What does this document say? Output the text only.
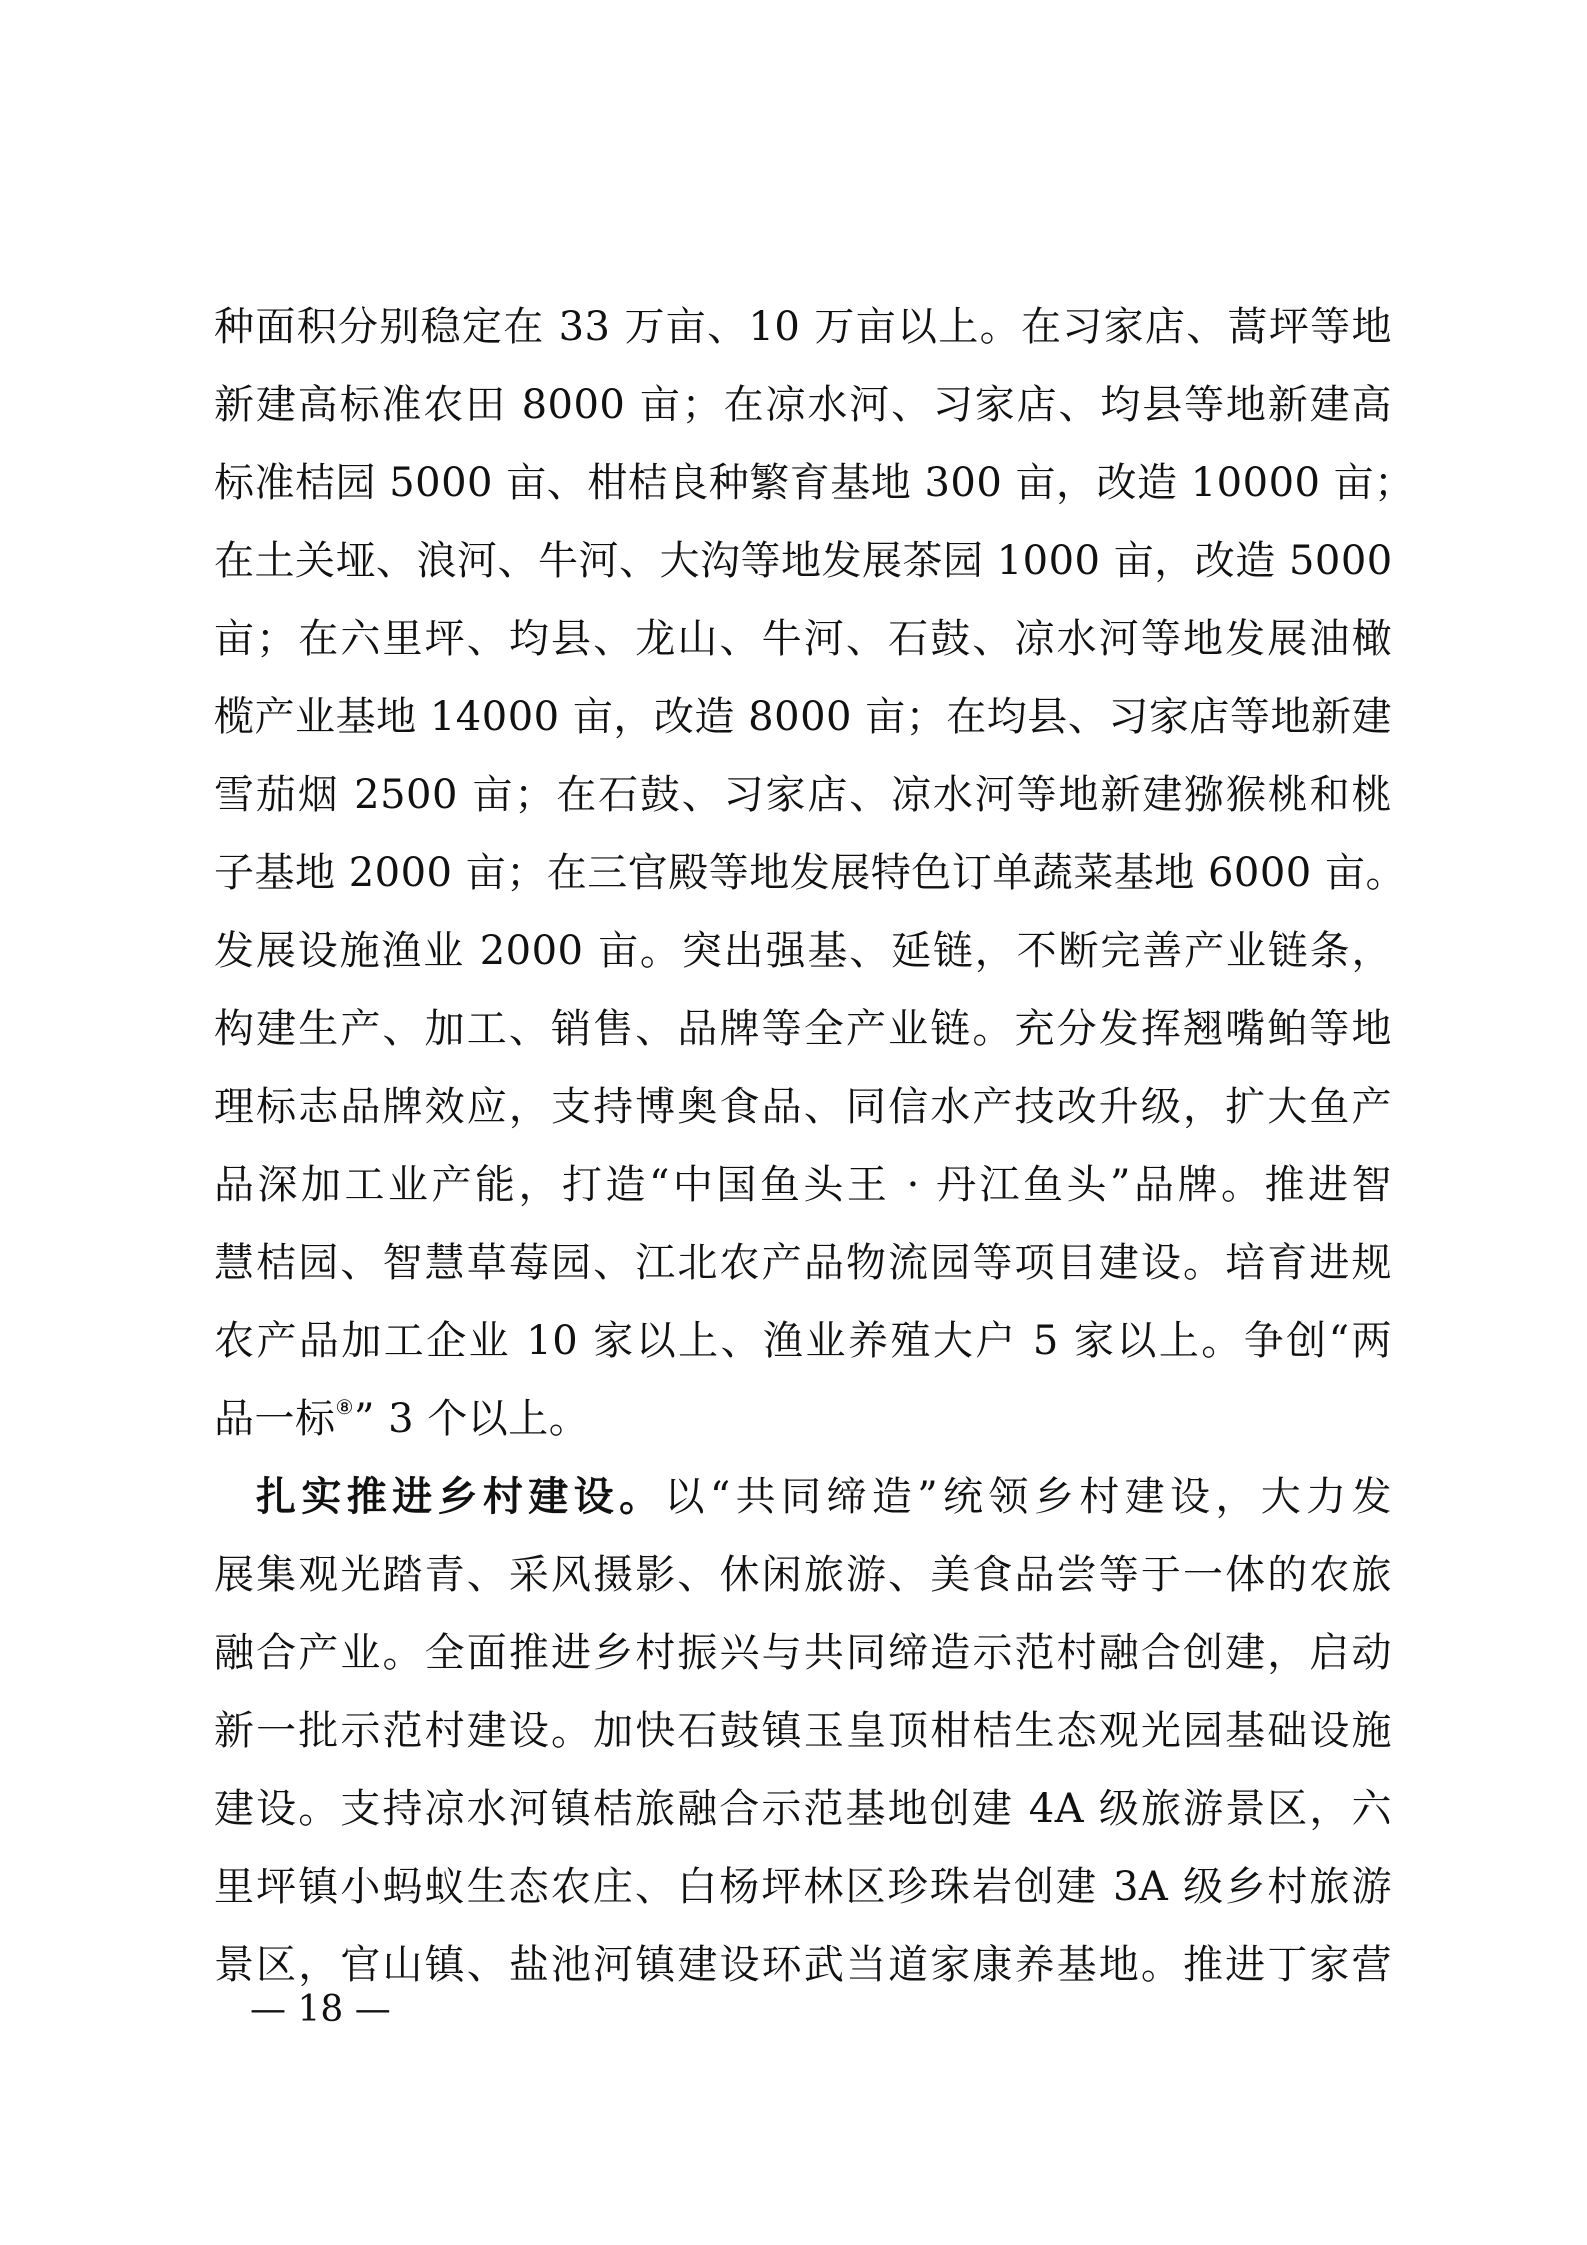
种面积分别稳定在 33 万亩、10 万亩以上。在习家店、蒿坪等地
新建高标准农田 8000 亩；在凉水河、习家店、均县等地新建高
标准桔园 5000 亩、柑桔良种繁育基地 300 亩，改造 10000 亩；
在土关垭、浪河、牛河、大沟等地发展茶园 1000 亩，改造 5000
亩；在六里坪、均县、龙山、牛河、石鼓、凉水河等地发展油橄
榄产业基地 14000 亩，改造 8000 亩；在均县、习家店等地新建
雪茄烟 2500 亩；在石鼓、习家店、凉水河等地新建猕猴桃和桃
子基地 2000 亩；在三官殿等地发展特色订单蔬菜基地 6000 亩。
发展设施渔业 2000 亩。突出强基、延链，不断完善产业链条，
构建生产、加工、销售、品牌等全产业链。充分发挥翘嘴鲌等地
理标志品牌效应，支持博奥食品、同信水产技改升级，扩大鱼产
品深加工业产能，打造“中国鱼头王 · 丹江鱼头”品牌。推进智
慧桔园、智慧草莓园、江北农产品物流园等项目建设。培育进规
农产品加工企业 10 家以上、渔业养殖大户 5 家以上。争创“两
品一标⑧” 3 个以上。
扎实推进乡村建设。以“共同缔造”统领乡村建设，大力发
展集观光踏青、采风摄影、休闲旅游、美食品尝等于一体的农旅
融合产业。全面推进乡村振兴与共同缔造示范村融合创建，启动
新一批示范村建设。加快石鼓镇玉皇顶柑桔生态观光园基础设施
建设。支持凉水河镇桔旅融合示范基地创建 4A 级旅游景区，六
里坪镇小蚂蚁生态农庄、白杨坪林区珍珠岩创建 3A 级乡村旅游
景区，官山镇、盐池河镇建设环武当道家康养基地。推进丁家营
— 18 —
